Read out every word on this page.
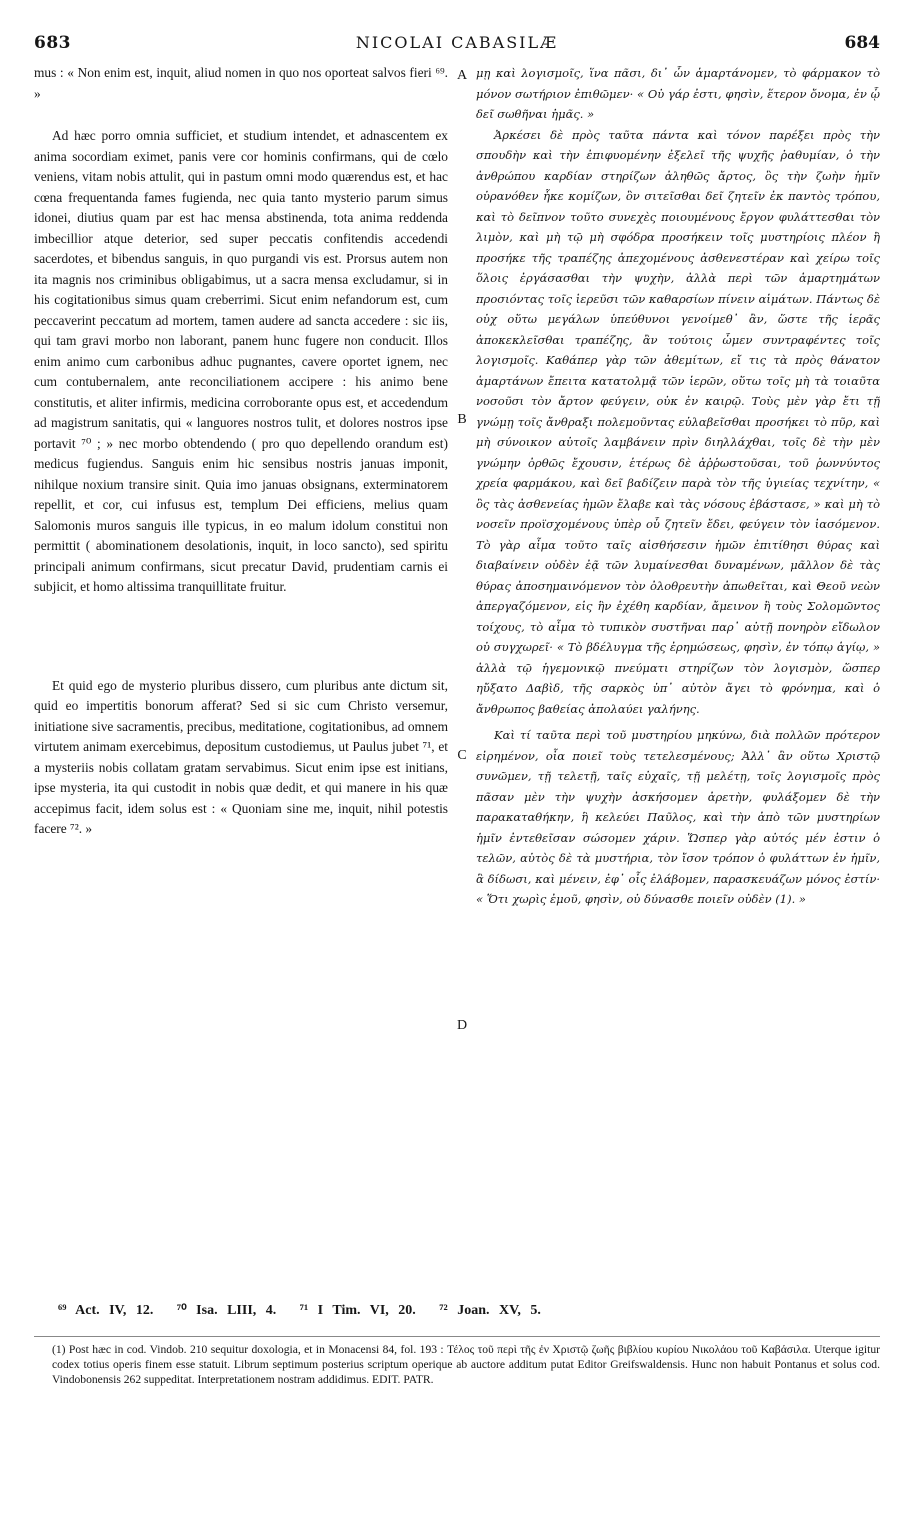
683	NICOLAI CABASILÆ	684

mus : « Non enim est, inquit, aliud nomen in quo nos oporteat salvos fieri ⁶⁹. »

Ad hæc porro omnia sufficiet, et studium intendet, et adnascentem ex anima socordiam eximet, panis vere cor hominis confirmans, qui de cœlo veniens, vitam nobis attulit, qui in pastum omni modo quærendus est, et hac cœna frequentanda fames fugienda, nec quia tanto mysterio parum simus idonei, diutius quam par est hac mensa abstinenda, tota anima reddenda imbecillior atque deterior, sed super peccatis confitendis accedendi sacerdotes, et bibendus sanguis, in quo purgandi vis est. Prorsus autem non ita magnis nos criminibus obligabimus, ut a sacra mensa excludamur, si in his cogitationibus simus quam creberrimi. Sicut enim nefandorum est, cum peccaverint peccatum ad mortem, tamen audere ad sancta accedere : sic iis, qui tam gravi morbo non laborant, panem hunc fugere non conducit. Illos enim animo cum carbonibus adhuc pugnantes, cavere oportet ignem, nec cum contubernalem, ante reconciliationem accipere : his animo bene constitutis, et aliter infirmis, medicina corroborante opus est, et accedendum ad magistrum sanitatis, qui « languores nostros tulit, et dolores nostros ipse portavit ⁷⁰ ; » nec morbo obtendendo ( pro quo depellendo orandum est) medicus fugiendus. Sanguis enim hic sensibus nostris januas imponit, nihilque noxium transire sinit. Quia imo januas obsignans, exterminatorem repellit, et cor, cui infusus est, templum Dei efficiens, melius quam Salomonis muros sanguis ille typicus, in eo malum idolum constitui non permittit ( abominationem desolationis, inquit, in loco sancto), sed spiritu principali animum confirmans, sicut precatur David, prudentiam carnis ei subjicit, et homo altissima tranquillitate fruitur.

Et quid ego de mysterio pluribus dissero, cum pluribus ante dictum sit, quid eo impertitis bonorum afferat? Sed si sic cum Christo versemur, initiatione sive sacramentis, precibus, meditatione, cogitationibus, ad omnem virtutem animam exercebimus, depositum custodiemus, ut Paulus jubet ⁷¹, et a mysteriis nobis collatam gratam servabimus. Sicut enim ipse est initians, ipse mysteria, ita qui custodit in nobis quæ dedit, et qui manere in his quæ accepimus facit, idem solus est : « Quoniam sine me, inquit, nihil potestis facere ⁷². »

A
B
C
D

μῃ καὶ λογισμοῖς, ἵνα πᾶσι, δι᾽ ὧν ἁμαρτάνομεν, τὸ φάρμακον τὸ μόνον σωτήριον ἐπιθῶμεν· « Οὐ γάρ ἐστι, φησὶν, ἕτερον ὄνομα, ἐν ᾧ δεῖ σωθῆναι ἡμᾶς. »

Ἀρκέσει δὲ πρὸς ταῦτα πάντα καὶ τόνον παρέξει πρὸς τὴν σπουδὴν καὶ τὴν ἐπιφυομένην ἐξελεῖ τῆς ψυχῆς ῥαθυμίαν, ὁ τὴν ἀνθρώπου καρδίαν στηρίζων ἀληθῶς ἄρτος, ὃς τὴν ζωὴν ἡμῖν οὐρανόθεν ἧκε κομίζων, ὃν σιτεῖσθαι δεῖ ζητεῖν ἐκ παντὸς τρόπου, καὶ τὸ δεῖπνον τοῦτο συνεχὲς ποιουμένους ἔργον φυλάττεσθαι τὸν λιμὸν, καὶ μὴ τῷ μὴ σφόδρα προσήκειν τοῖς μυστηρίοις πλέον ἢ προσήκε τῆς τραπέζης ἀπεχομένους ἀσθενεστέραν καὶ χείρω τοῖς ὅλοις ἐργάσασθαι τὴν ψυχὴν, ἀλλὰ περὶ τῶν ἁμαρτημάτων προσιόντας τοῖς ἱερεῦσι τῶν καθαρσίων πίνειν αἱμάτων. Πάντως δὲ οὐχ οὕτω μεγάλων ὑπεύθυνοι γενοίμεθ᾽ ἂν, ὥστε τῆς ἱερᾶς ἀποκεκλεῖσθαι τραπέζης, ἂν τούτοις ὦμεν συντραφέντες τοῖς λογισμοῖς. Καθάπερ γὰρ τῶν ἀθεμίτων, εἴ τις τὰ πρὸς θάνατον ἁμαρτάνων ἔπειτα κατατολμᾷ τῶν ἱερῶν, οὕτω τοῖς μὴ τὰ τοιαῦτα νοσοῦσι τὸν ἄρτον φεύγειν, οὐκ ἐν καιρῷ. Τοὺς μὲν γὰρ ἔτι τῇ γνώμῃ τοῖς ἄνθραξι πολεμοῦντας εὐλαβεῖσθαι προσήκει τὸ πῦρ, καὶ μὴ σύνοικον αὐτοῖς λαμβάνειν πρὶν διηλλάχθαι, τοῖς δὲ τὴν μὲν γνώμην ὀρθῶς ἔχουσιν, ἑτέρως δὲ ἀῤῥωστοῦσαι, τοῦ ῥωννύντος χρεία φαρμάκου, καὶ δεῖ βαδίζειν παρὰ τὸν τῆς ὑγιείας τεχνίτην, « ὃς τὰς ἀσθενείας ἡμῶν ἔλαβε καὶ τὰς νόσους ἐβάστασε, » καὶ μὴ τὸ νοσεῖν προϊσχομένους ὑπὲρ οὗ ζητεῖν ἔδει, φεύγειν τὸν ἰασόμενον. Τὸ γὰρ αἷμα τοῦτο ταῖς αἰσθήσεσιν ἡμῶν ἐπιτίθησι θύρας καὶ διαβαίνειν οὐδὲν ἐᾷ τῶν λυμαίνεσθαι δυναμένων, μᾶλλον δὲ τὰς θύρας ἀποσημαινόμενον τὸν ὀλοθρευτὴν ἀπωθεῖται, καὶ Θεοῦ νεὼν ἀπεργαζόμενον, εἰς ἣν ἐχέθη καρδίαν, ἄμεινον ἢ τοὺς Σολομῶντος τοίχους, τὸ αἷμα τὸ τυπικὸν συστῆναι παρ᾽ αὐτῇ πονηρὸν εἴδωλον οὐ συγχωρεῖ· « Τὸ βδέλυγμα τῆς ἐρημώσεως, φησὶν, ἐν τόπῳ ἁγίῳ, » ἀλλὰ τῷ ἡγεμονικῷ πνεύματι στηρίζων τὸν λογισμὸν, ὥσπερ ηὔξατο Δαβὶδ, τῆς σαρκὸς ὑπ᾽ αὐτὸν ἄγει τὸ φρόνημα, καὶ ὁ ἄνθρωπος βαθείας ἀπολαύει γαλήνης.

Καὶ τί ταῦτα περὶ τοῦ μυστηρίου μηκύνω, διὰ πολλῶν πρότερον εἰρημένον, οἷα ποιεῖ τοὺς τετελεσμένους; Ἀλλ᾽ ἂν οὕτω Χριστῷ συνῶμεν, τῇ τελετῇ, ταῖς εὐχαῖς, τῇ μελέτῃ, τοῖς λογισμοῖς πρὸς πᾶσαν μὲν τὴν ψυχὴν ἀσκήσομεν ἀρετὴν, φυλάξομεν δὲ τὴν παρακαταθήκην, ἣ κελεύει Παῦλος, καὶ τὴν ἀπὸ τῶν μυστηρίων ἡμῖν ἐντεθεῖσαν σώσομεν χάριν. Ὥσπερ γὰρ αὐτός μέν ἐστιν ὁ τελῶν, αὐτὸς δὲ τὰ μυστήρια, τὸν ἴσον τρόπον ὁ φυλάττων ἐν ἡμῖν, ἃ δίδωσι, καὶ μένειν, ἐφ᾽ οἷς ἐλάβομεν, παρασκευάζων μόνος ἐστίν· « Ὅτι χωρὶς ἐμοῦ, φησὶν, οὐ δύνασθε ποιεῖν οὐδὲν (1). »

⁶⁹ Act. IV, 12. ⁷⁰ Isa. LIII, 4. ⁷¹ I Tim. VI, 20. ⁷² Joan. XV, 5.
(1) Post hæc in cod. Vindob. 210 sequitur doxologia, et in Monacensi 84, fol. 193 : Τέλος τοῦ περὶ τῆς ἐν Χριστῷ ζωῆς βιβλίου κυρίου Νικολάου τοῦ Καβάσιλα. Uterque igitur codex totius operis finem esse statuit. Librum septimum posterius scriptum operique ab auctore additum putat Editor Greifswaldensis. Hunc non habuit Pontanus et solus cod. Vindobonensis 262 suppeditat. Interpretationem nostram addidimus. EDIT. PATR.
